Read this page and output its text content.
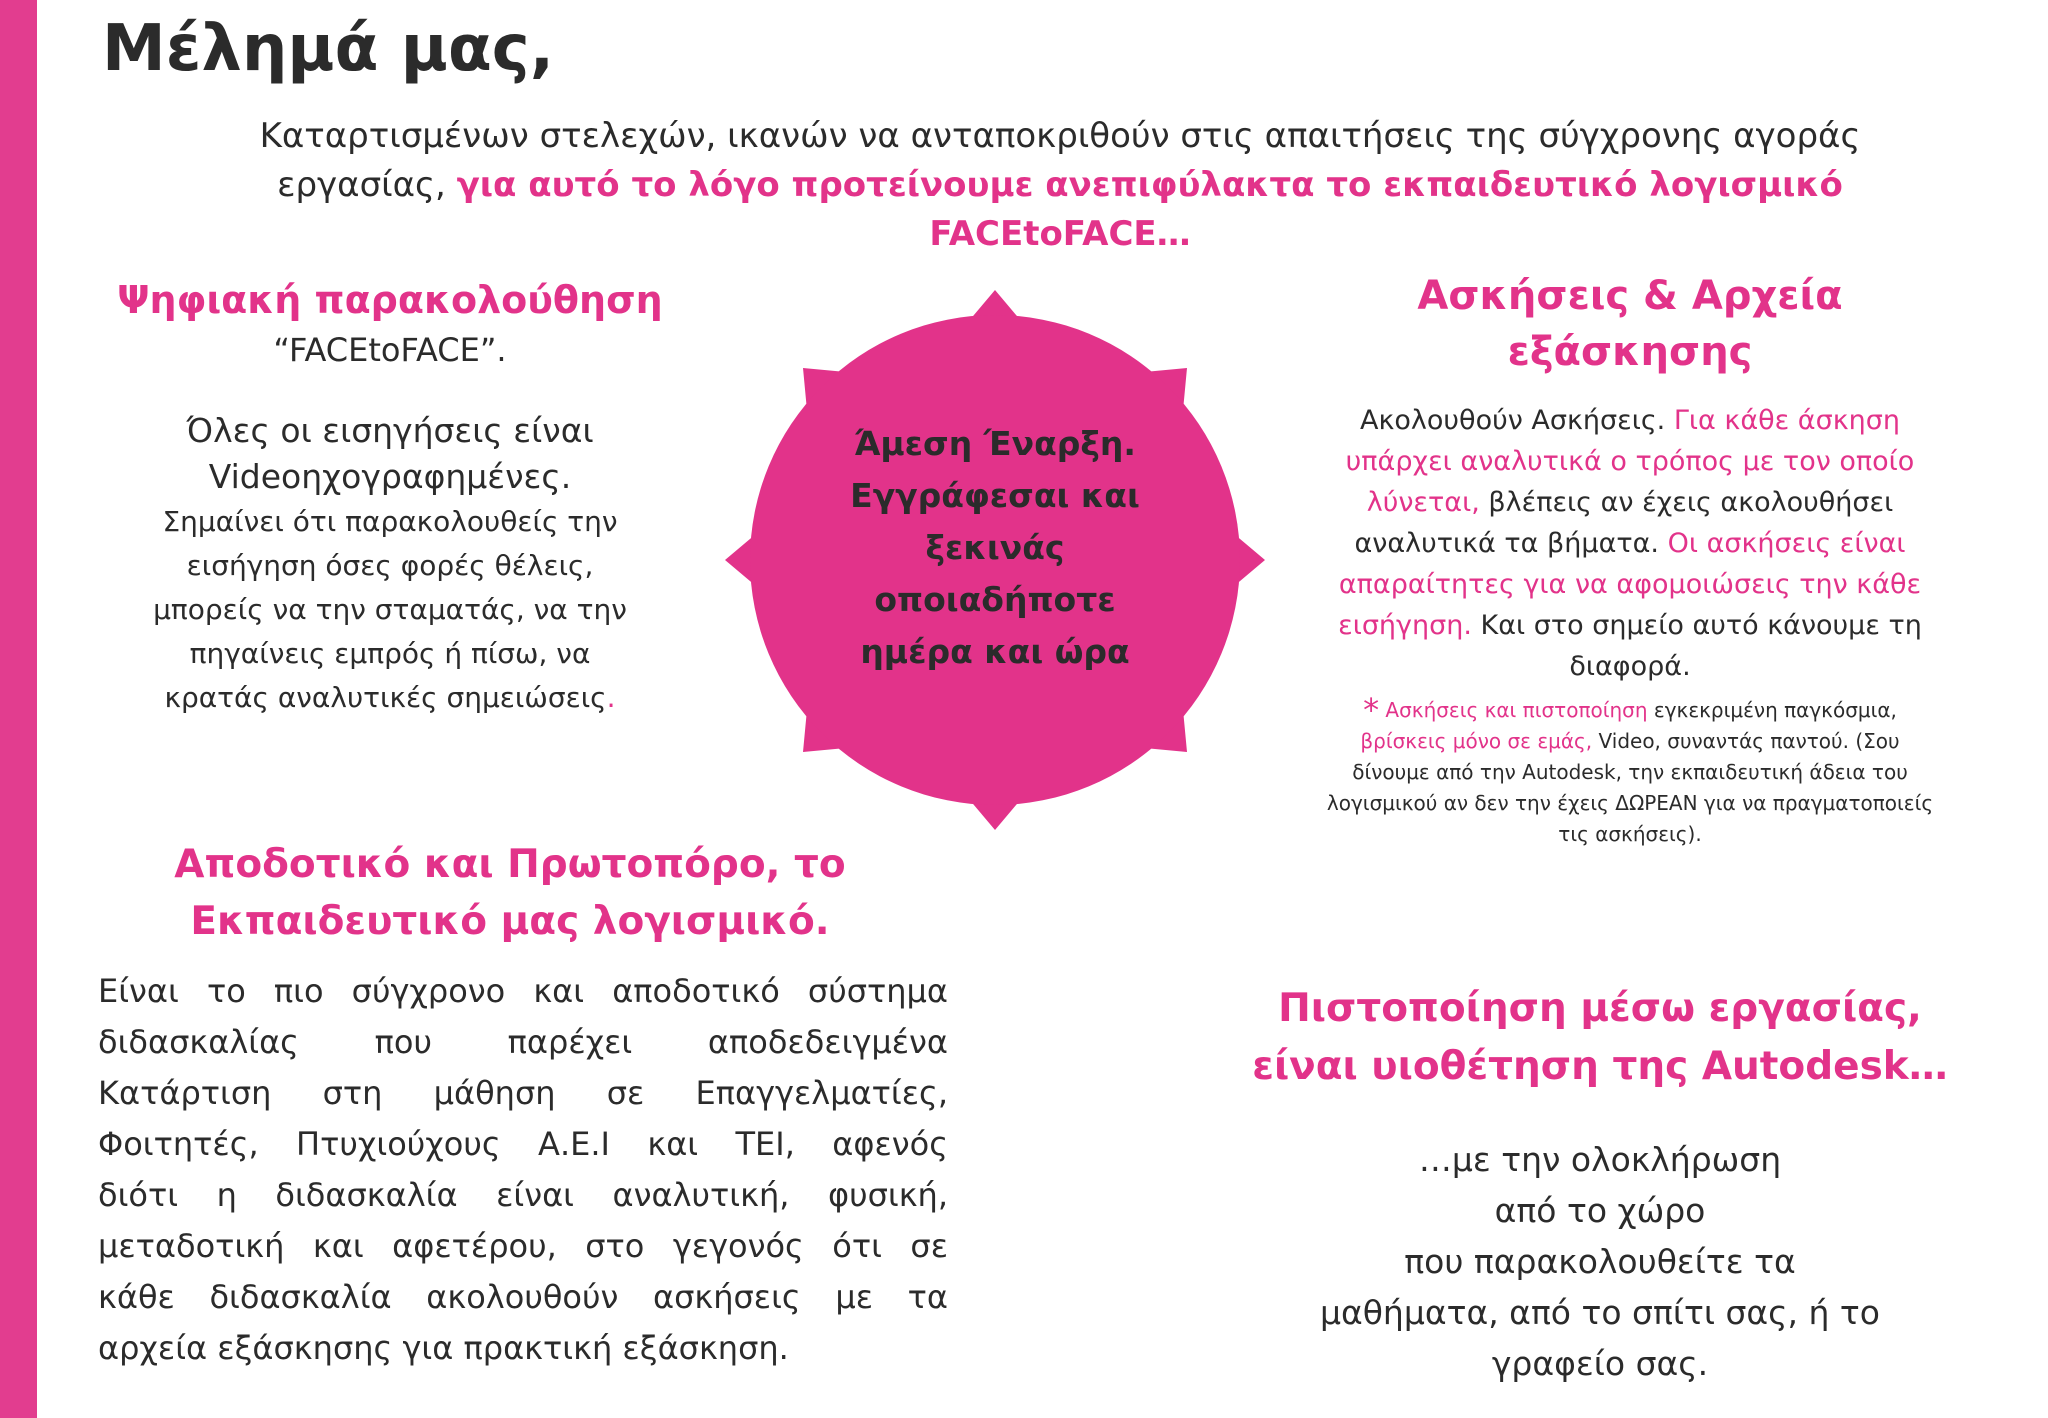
Μέλημά μας,
Καταρτισμένων στελεχών, ικανών να ανταποκριθούν στις απαιτήσεις της σύγχρονης αγοράς
εργασίας, για αυτό το λόγο προτείνουμε ανεπιφύλακτα το εκπαιδευτικό λογισμικό
FACEtoFACE…
Ψηφιακή παρακολούθηση
“FACEtoFACE”.
Όλες οι εισηγήσεις είναι
Videoηχογραφημένες.
Σημαίνει ότι παρακολουθείς την
εισήγηση όσες φορές θέλεις,
μπορείς να την σταματάς, να την
πηγαίνεις εμπρός ή πίσω, να
κρατάς αναλυτικές σημειώσεις.
Άμεση Έναρξη.
Εγγράφεσαι και
ξεκινάς
οποιαδήποτε
ημέρα και ώρα
Ασκήσεις & Αρχεία
εξάσκησης
Ακολουθούν Ασκήσεις. Για κάθε άσκηση
υπάρχει αναλυτικά ο τρόπος με τον οποίο
λύνεται, βλέπεις αν έχεις ακολουθήσει
αναλυτικά τα βήματα. Οι ασκήσεις είναι
απαραίτητες για να αφομοιώσεις την κάθε
εισήγηση. Και στο σημείο αυτό κάνουμε τη
διαφορά.
* Ασκήσεις και πιστοποίηση εγκεκριμένη παγκόσμια,
βρίσκεις μόνο σε εμάς, Video, συναντάς παντού. (Σου
δίνουμε από την Autodesk, την εκπαιδευτική άδεια του
λογισμικού αν δεν την έχεις ΔΩΡΕΑΝ για να πραγματοποιείς
τις ασκήσεις).
Αποδοτικό και Πρωτοπόρο, το
Εκπαιδευτικό μας λογισμικό.
Είναι το πιο σύγχρονο και αποδοτικό σύστημα
διδασκαλίας που παρέχει αποδεδειγμένα
Κατάρτιση στη μάθηση σε Επαγγελματίες,
Φοιτητές, Πτυχιούχους Α.Ε.Ι και ΤΕΙ, αφενός
διότι η διδασκαλία είναι αναλυτική, φυσική,
μεταδοτική και αφετέρου, στο γεγονός ότι σε
κάθε διδασκαλία ακολουθούν ασκήσεις με τα
αρχεία εξάσκησης για πρακτική εξάσκηση.
Πιστοποίηση μέσω εργασίας,
είναι υιοθέτηση της Autodesk…
…με την ολοκλήρωση
από το χώρο
που παρακολουθείτε τα
μαθήματα, από το σπίτι σας, ή το
γραφείο σας.
